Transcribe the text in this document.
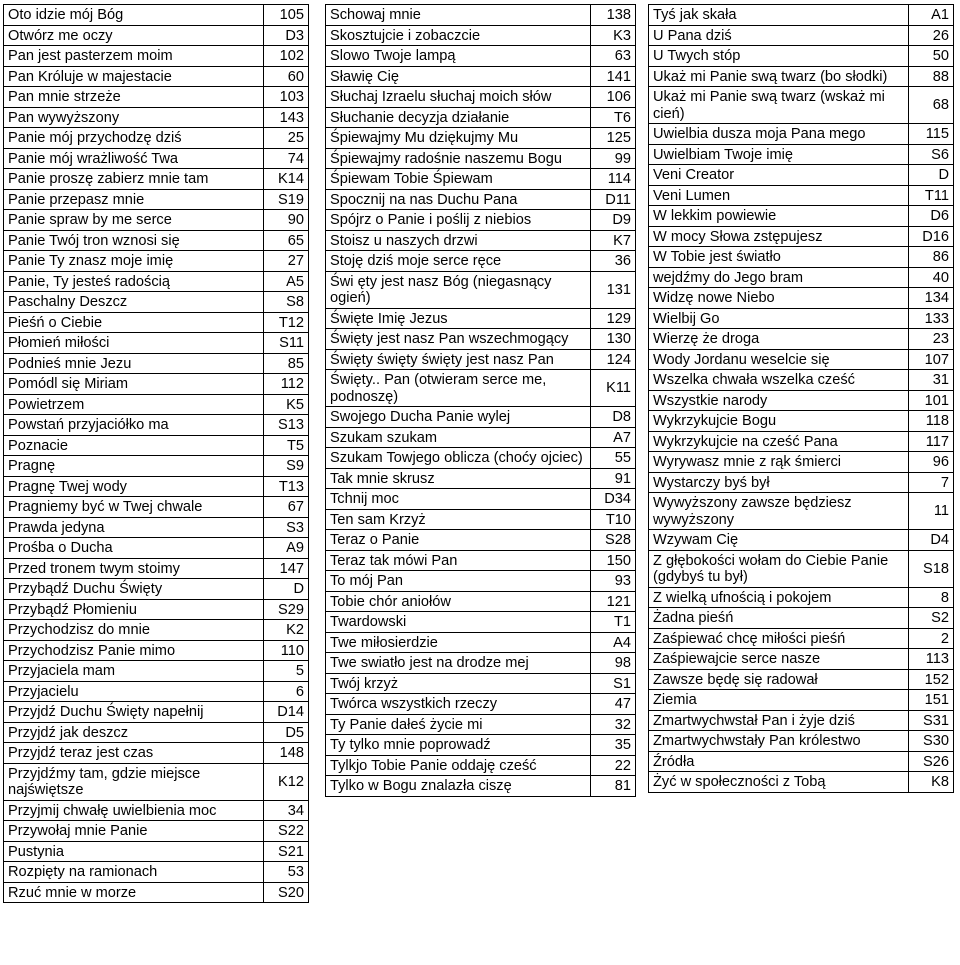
Oto idzie mój Bóg	105
Otwórz me oczy	D3
Pan jest pasterzem moim	102
Pan Króluje w majestacie	60
Pan mnie strzeże	103
Pan wywyższony	143
Panie mój przychodzę dziś	25
Panie mój wrażliwość Twa	74
Panie proszę zabierz mnie tam	K14
Panie przepasz mnie	S19
Panie spraw by me serce	90
Panie Twój tron wznosi się	65
Panie Ty znasz moje imię	27
Panie, Ty jesteś radością	A5
Paschalny Deszcz	S8
Pieśń o Ciebie	T12
Płomień miłości	S11
Podnieś mnie Jezu	85
Pomódl się Miriam	112
Powietrzem	K5
Powstań przyjaciółko ma	S13
Poznacie	T5
Pragnę	S9
Pragnę Twej wody	T13
Pragniemy być w Twej chwale	67
Prawda jedyna	S3
Prośba o Ducha	A9
Przed tronem twym stoimy	147
Przybądź Duchu Święty	D
Przybądź Płomieniu	S29
Przychodzisz do mnie	K2
Przychodzisz Panie mimo	110
Przyjaciela mam	5
Przyjacielu	6
Przyjdź Duchu Święty napełnij	D14
Przyjdź jak deszcz	D5
Przyjdź teraz jest czas	148
Przyjdźmy tam, gdzie miejsce najświętsze	K12
Przyjmij chwałę uwielbienia moc	34
Przywołaj mnie Panie	S22
Pustynia	S21
Rozpięty na ramionach	53
Rzuć mnie w morze	S20
Schowaj mnie	138
Skosztujcie i zobaczcie	K3
Slowo Twoje lampą	63
Sławię Cię	141
Słuchaj Izraelu słuchaj moich słów	106
Słuchanie decyzja działanie	T6
Śpiewajmy Mu dziękujmy Mu	125
Śpiewajmy radośnie naszemu Bogu	99
Śpiewam Tobie Śpiewam	114
Spocznij na nas Duchu Pana	D11
Spójrz o Panie i poślij z niebios	D9
Stoisz u naszych drzwi	K7
Stoję dziś moje serce ręce	36
Świ ęty jest nasz Bóg (niegasnący ogień)	131
Święte Imię Jezus	129
Święty jest nasz Pan wszechmogący	130
Święty święty święty jest nasz Pan	124
Święty.. Pan (otwieram serce me, podnoszę)	K11
Swojego Ducha Panie wylej	D8
Szukam szukam	A7
Szukam Towjego oblicza (choćy ojciec)	55
Tak mnie skrusz	91
Tchnij moc	D34
Ten sam Krzyż	T10
Teraz o Panie	S28
Teraz tak mówi Pan	150
To mój Pan	93
Tobie chór aniołów	121
Twardowski	T1
Twe miłosierdzie	A4
Twe swiatło jest na drodze mej	98
Twój krzyż	S1
Twórca wszystkich rzeczy	47
Ty Panie dałeś życie mi	32
Ty tylko mnie poprowadź	35
Tylkjo Tobie Panie oddaję cześć	22
Tylko w Bogu znalazła ciszę	81
Tyś jak skała	A1
U Pana dziś	26
U Twych stóp	50
Ukaż mi Panie swą twarz (bo słodki)	88
Ukaż mi Panie swą twarz (wskaż mi cień)	68
Uwielbia dusza moja Pana mego	115
Uwielbiam Twoje imię	S6
Veni Creator	D
Veni Lumen	T11
W lekkim powiewie	D6
W mocy Słowa zstępujesz	D16
W Tobie jest światło	86
wejdźmy do Jego bram	40
Widzę nowe Niebo	134
Wielbij Go	133
Wierzę że droga	23
Wody Jordanu weselcie się	107
Wszelka chwała wszelka cześć	31
Wszystkie narody	101
Wykrzykujcie Bogu	118
Wykrzykujcie na cześć Pana	117
Wyrywasz mnie z rąk śmierci	96
Wystarczy byś był	7
Wywyższony zawsze będziesz wywyższony	11
Wzywam Cię	D4
Z głębokości wołam do Ciebie Panie (gdybyś tu był)	S18
Z wielką ufnością i pokojem	8
Żadna pieśń	S2
Zaśpiewać chcę miłości pieśń	2
Zaśpiewajcie serce nasze	113
Zawsze będę się radował	152
Ziemia	151
Zmartwychwstał Pan i żyje dziś	S31
Zmartwychwstały Pan królestwo	S30
Źródła	S26
Żyć w społeczności z Tobą	K8
